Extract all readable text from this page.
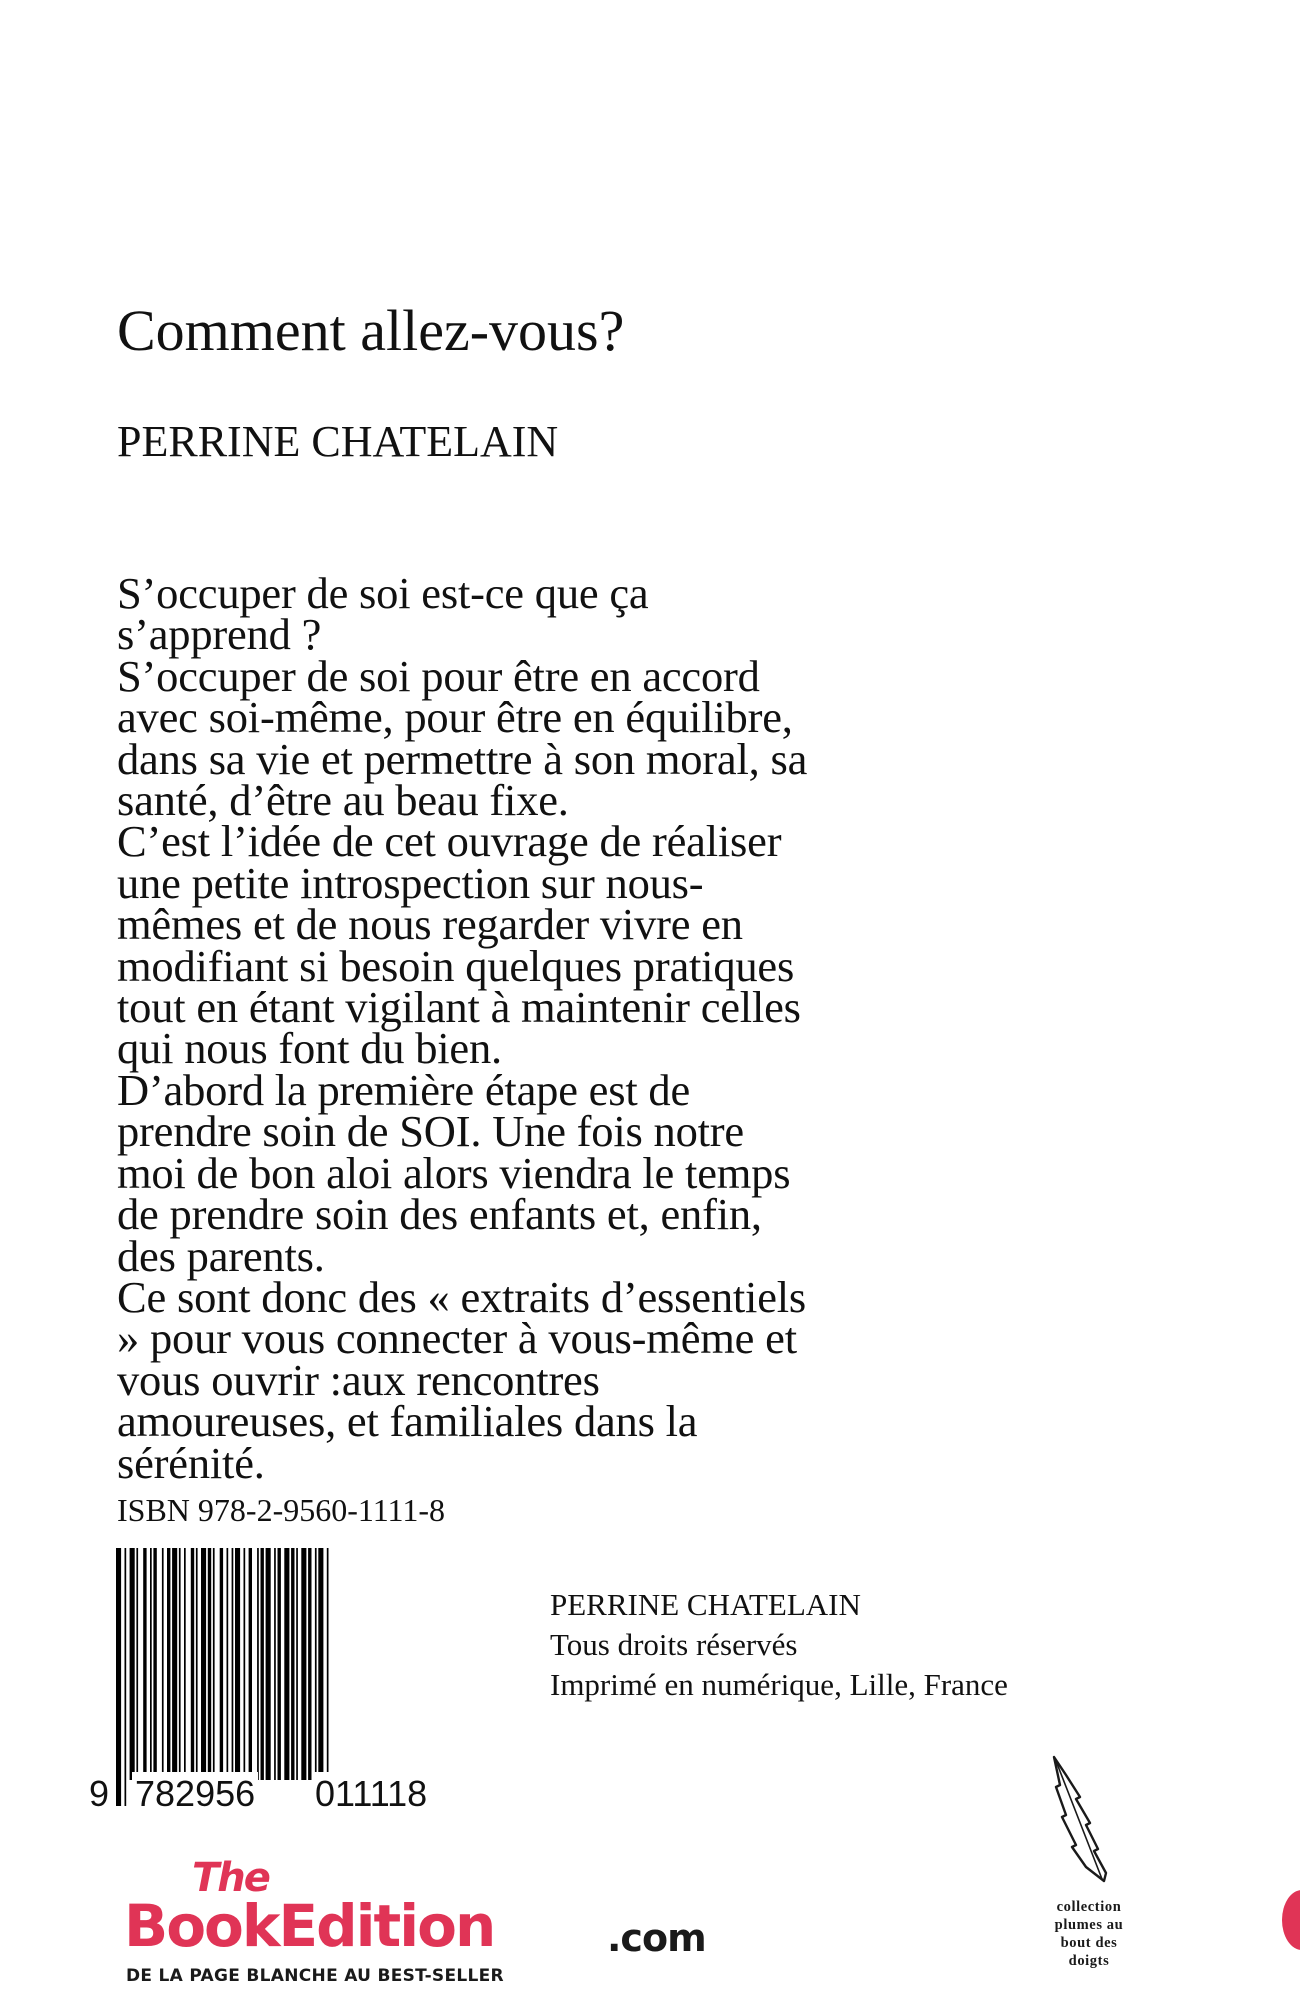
Comment allez-vous?
PERRINE CHATELAIN
S’occuper de soi est-ce que ça
s’apprend ?
S’occuper de soi pour être en accord
avec soi-même, pour être en équilibre,
dans sa vie et permettre à son moral, sa
santé, d’être au beau fixe.
C’est l’idée de cet ouvrage de réaliser
une petite introspection sur nous-
mêmes et de nous regarder vivre en
modifiant si besoin quelques pratiques
tout en étant vigilant à maintenir celles
qui nous font du bien.
D’abord la première étape est de
prendre soin de SOI. Une fois notre
moi de bon aloi alors viendra le temps
de prendre soin des enfants et, enfin,
des parents.
Ce sont donc des « extraits d’essentiels
» pour vous connecter à vous-même et
vous ouvrir :aux rencontres
amoureuses, et familiales dans la
sérénité.
ISBN 978-2-9560-1111-8
9 782956 011118
PERRINE CHATELAIN
Tous droits réservés
Imprimé en numérique, Lille, France
The
BookEdition	.com
DE LA PAGE BLANCHE AU BEST-SELLER
collection
plumes au
bout des
doigts
